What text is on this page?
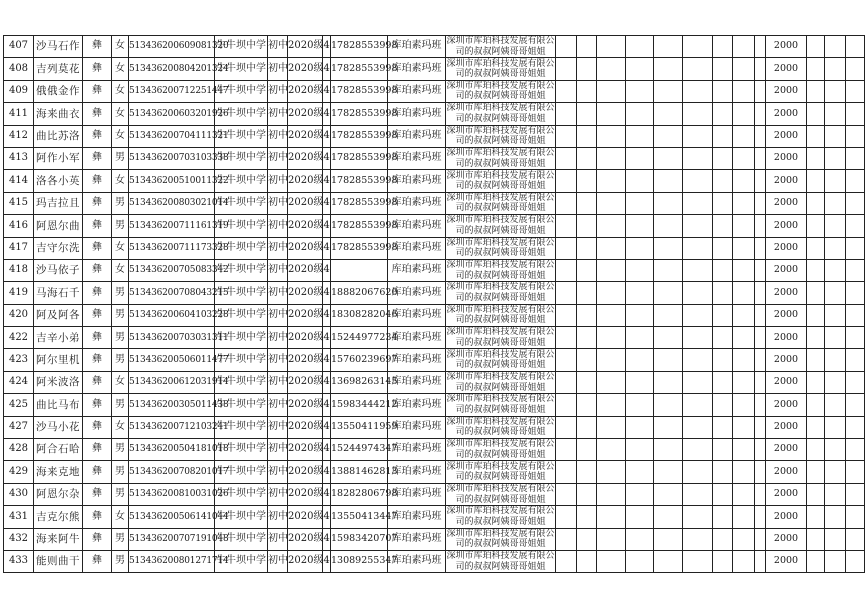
407	沙马石作	彝	女	513436200609081320	牛牛坝中学	初中	2020级	4	17828553998	库珀素玛班	深圳市库珀科技发展有限公
司的叔叔阿姨哥哥姐姐										2000			
408	吉列莫花	彝	女	513436200804201324	牛牛坝中学	初中	2020级	4	17828553998	库珀素玛班	深圳市库珀科技发展有限公
司的叔叔阿姨哥哥姐姐										2000			
409	俄俄金作	彝	女	513436200712251447	牛牛坝中学	初中	2020级	4	17828553998	库珀素玛班	深圳市库珀科技发展有限公
司的叔叔阿姨哥哥姐姐										2000			
411	海来曲衣	彝	女	513436200603201926	牛牛坝中学	初中	2020级	4	17828553998	库珀素玛班	深圳市库珀科技发展有限公
司的叔叔阿姨哥哥姐姐										2000			
412	曲比苏洛	彝	女	513436200704111321	牛牛坝中学	初中	2020级	4	17828553998	库珀素玛班	深圳市库珀科技发展有限公
司的叔叔阿姨哥哥姐姐										2000			
413	阿作小军	彝	男	513436200703103338	牛牛坝中学	初中	2020级	4	17828553998	库珀素玛班	深圳市库珀科技发展有限公
司的叔叔阿姨哥哥姐姐										2000			
414	洛各小英	彝	女	513436200510011322	牛牛坝中学	初中	2020级	4	17828553998	库珀素玛班	深圳市库珀科技发展有限公
司的叔叔阿姨哥哥姐姐										2000			
415	玛吉拉且	彝	男	513436200803021014	牛牛坝中学	初中	2020级	4	17828553998	库珀素玛班	深圳市库珀科技发展有限公
司的叔叔阿姨哥哥姐姐										2000			
416	阿恩尔曲	彝	男	513436200711161319	牛牛坝中学	初中	2020级	4	17828553998	库珀素玛班	深圳市库珀科技发展有限公
司的叔叔阿姨哥哥姐姐										2000			
417	吉守尔洗	彝	女	513436200711173328	牛牛坝中学	初中	2020级	4	17828553998	库珀素玛班	深圳市库珀科技发展有限公
司的叔叔阿姨哥哥姐姐										2000			
418	沙马依子	彝	女	513436200705083342	牛牛坝中学	初中	2020级	4		库珀素玛班	深圳市库珀科技发展有限公
司的叔叔阿姨哥哥姐姐										2000			
419	马海石千	彝	男	513436200708043215	牛牛坝中学	初中	2020级	4	18882067620	库珀素玛班	深圳市库珀科技发展有限公
司的叔叔阿姨哥哥姐姐										2000			
420	阿及阿各	彝	男	513436200604103228	牛牛坝中学	初中	2020级	4	18308282046	库珀素玛班	深圳市库珀科技发展有限公
司的叔叔阿姨哥哥姐姐										2000			
422	吉辛小弟	彝	男	513436200703031311	牛牛坝中学	初中	2020级	4	15244977234	库珀素玛班	深圳市库珀科技发展有限公
司的叔叔阿姨哥哥姐姐										2000			
423	阿尔里机	彝	男	513436200506011477	牛牛坝中学	初中	2020级	4	15760239697	库珀素玛班	深圳市库珀科技发展有限公
司的叔叔阿姨哥哥姐姐										2000			
424	阿米波洛	彝	女	513436200612031914	牛牛坝中学	初中	2020级	4	13698263145	库珀素玛班	深圳市库珀科技发展有限公
司的叔叔阿姨哥哥姐姐										2000			
425	曲比马布	彝	男	513436200305011438	牛牛坝中学	初中	2020级	4	15983444212	库珀素玛班	深圳市库珀科技发展有限公
司的叔叔阿姨哥哥姐姐										2000			
427	沙马小花	彝	女	513436200712103241	牛牛坝中学	初中	2020级	4	13550411959	库珀素玛班	深圳市库珀科技发展有限公
司的叔叔阿姨哥哥姐姐										2000			
428	阿合石哈	彝	男	513436200504181018	牛牛坝中学	初中	2020级	4	15244974347	库珀素玛班	深圳市库珀科技发展有限公
司的叔叔阿姨哥哥姐姐										2000			
429	海来克地	彝	男	513436200708201017	牛牛坝中学	初中	2020级	4	13881462813	库珀素玛班	深圳市库珀科技发展有限公
司的叔叔阿姨哥哥姐姐										2000			
430	阿恩尔杂	彝	男	513436200810031026	牛牛坝中学	初中	2020级	4	18282806798	库珀素玛班	深圳市库珀科技发展有限公
司的叔叔阿姨哥哥姐姐										2000			
431	吉克尔熊	彝	女	513436200506141044	牛牛坝中学	初中	2020级	4	13550413447	库珀素玛班	深圳市库珀科技发展有限公
司的叔叔阿姨哥哥姐姐										2000			
432	海来阿牛	彝	男	513436200707191048	牛牛坝中学	初中	2020级	4	15983420707	库珀素玛班	深圳市库珀科技发展有限公
司的叔叔阿姨哥哥姐姐										2000			
433	能则曲干	彝	男	513436200801271714	牛牛坝中学	初中	2020级	4	13089255347	库珀素玛班	深圳市库珀科技发展有限公
司的叔叔阿姨哥哥姐姐										2000			
